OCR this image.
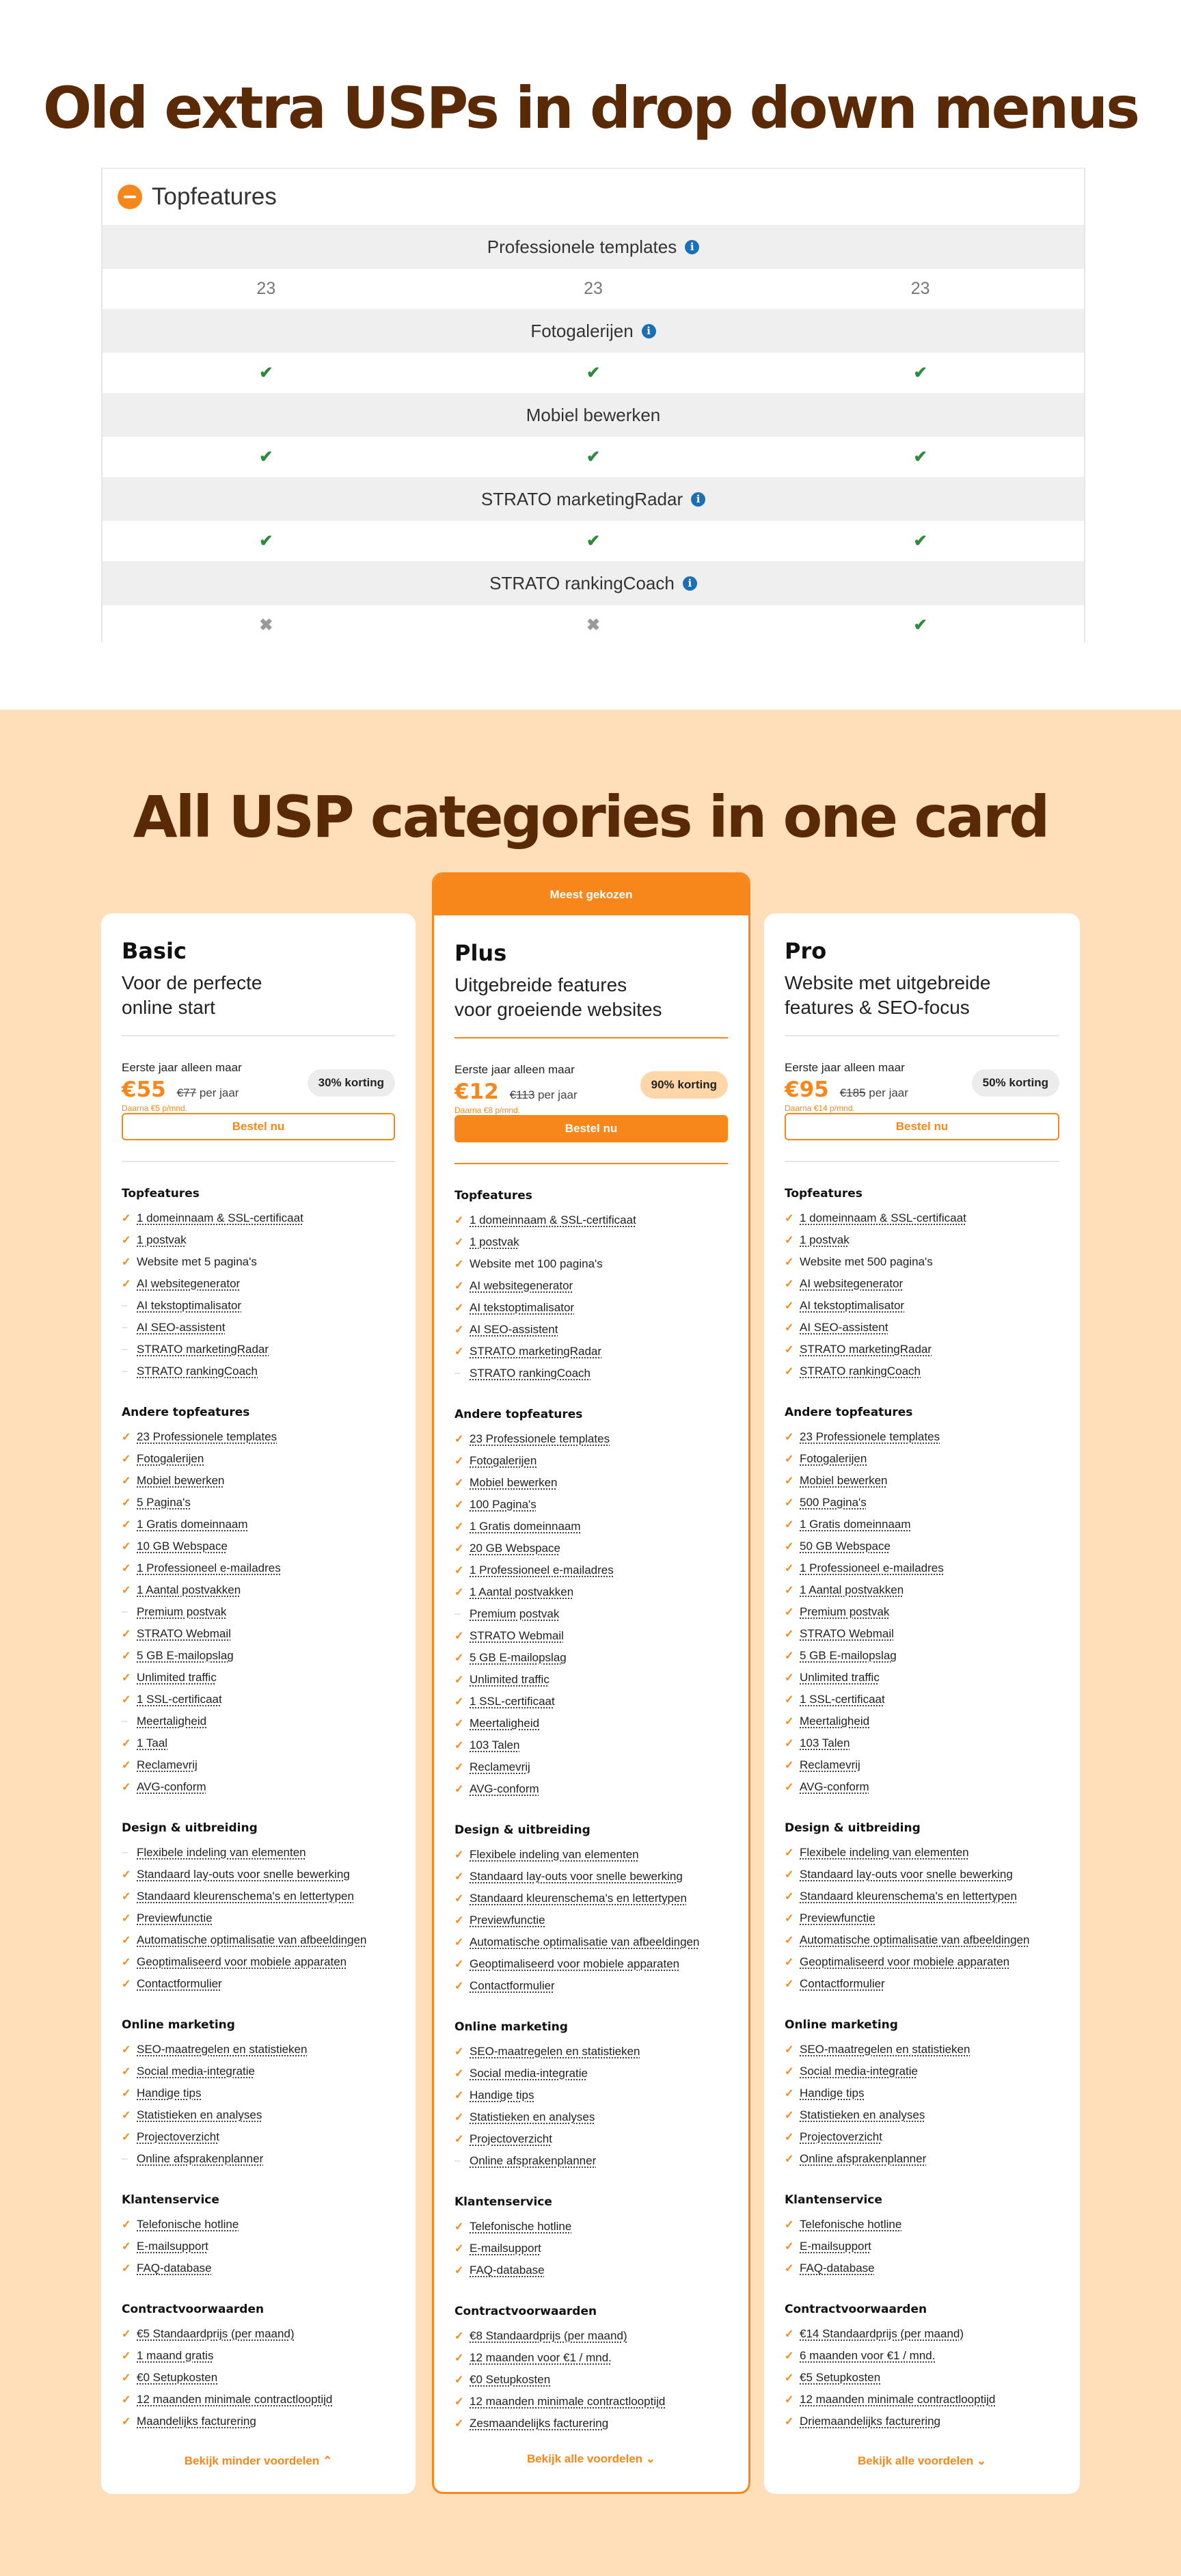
Old extra USPs in drop down menus
Topfeatures
Professionele templates	i
23	23	23
Fotogalerijen	i
✔	✔	✔
Mobiel bewerken
✔	✔	✔
STRATO marketingRadar	i
✔	✔	✔
STRATO rankingCoach	i
✖	✖	✔
All USP categories in one card
Basic
Voor de perfecte
online start
Eerste jaar alleen maar
€55 €77 per jaar
Daarna €5 p/mnd.
30% korting
Bestel nu
Topfeatures
✓ 1 domeinnaam & SSL-certificaat
✓ 1 postvak
✓ Website met 5 pagina's
✓ AI websitegenerator
– AI tekstoptimalisator
– AI SEO-assistent
– STRATO marketingRadar
– STRATO rankingCoach
Andere topfeatures
✓ 23 Professionele templates
✓ Fotogalerijen
✓ Mobiel bewerken
✓ 5 Pagina's
✓ 1 Gratis domeinnaam
✓ 10 GB Webspace
✓ 1 Professioneel e-mailadres
✓ 1 Aantal postvakken
– Premium postvak
✓ STRATO Webmail
✓ 5 GB E-mailopslag
✓ Unlimited traffic
✓ 1 SSL-certificaat
– Meertaligheid
✓ 1 Taal
✓ Reclamevrij
✓ AVG-conform
Design & uitbreiding
– Flexibele indeling van elementen
✓ Standaard lay-outs voor snelle bewerking
✓ Standaard kleurenschema's en lettertypen
✓ Previewfunctie
✓ Automatische optimalisatie van afbeeldingen
✓ Geoptimaliseerd voor mobiele apparaten
✓ Contactformulier
Online marketing
✓ SEO-maatregelen en statistieken
✓ Social media-integratie
✓ Handige tips
✓ Statistieken en analyses
✓ Projectoverzicht
– Online afsprakenplanner
Klantenservice
✓ Telefonische hotline
✓ E-mailsupport
✓ FAQ-database
Contractvoorwaarden
✓ €5 Standaardprijs (per maand)
✓ 1 maand gratis
✓ €0 Setupkosten
✓ 12 maanden minimale contractlooptijd
✓ Maandelijks facturering
Bekijk minder voordelen ⌃
Meest gekozen
Plus
Uitgebreide features
voor groeiende websites
Eerste jaar alleen maar
€12 €113 per jaar
Daarna €8 p/mnd.
90% korting
Bestel nu
Topfeatures
✓ 1 domeinnaam & SSL-certificaat
✓ 1 postvak
✓ Website met 100 pagina's
✓ AI websitegenerator
✓ AI tekstoptimalisator
✓ AI SEO-assistent
✓ STRATO marketingRadar
– STRATO rankingCoach
Andere topfeatures
✓ 23 Professionele templates
✓ Fotogalerijen
✓ Mobiel bewerken
✓ 100 Pagina's
✓ 1 Gratis domeinnaam
✓ 20 GB Webspace
✓ 1 Professioneel e-mailadres
✓ 1 Aantal postvakken
– Premium postvak
✓ STRATO Webmail
✓ 5 GB E-mailopslag
✓ Unlimited traffic
✓ 1 SSL-certificaat
✓ Meertaligheid
✓ 103 Talen
✓ Reclamevrij
✓ AVG-conform
Design & uitbreiding
✓ Flexibele indeling van elementen
✓ Standaard lay-outs voor snelle bewerking
✓ Standaard kleurenschema's en lettertypen
✓ Previewfunctie
✓ Automatische optimalisatie van afbeeldingen
✓ Geoptimaliseerd voor mobiele apparaten
✓ Contactformulier
Online marketing
✓ SEO-maatregelen en statistieken
✓ Social media-integratie
✓ Handige tips
✓ Statistieken en analyses
✓ Projectoverzicht
– Online afsprakenplanner
Klantenservice
✓ Telefonische hotline
✓ E-mailsupport
✓ FAQ-database
Contractvoorwaarden
✓ €8 Standaardprijs (per maand)
✓ 12 maanden voor €1 / mnd.
✓ €0 Setupkosten
✓ 12 maanden minimale contractlooptijd
✓ Zesmaandelijks facturering
Bekijk alle voordelen ⌄
Pro
Website met uitgebreide
features & SEO-focus
Eerste jaar alleen maar
€95 €185 per jaar
Daarna €14 p/mnd.
50% korting
Bestel nu
Topfeatures
✓ 1 domeinnaam & SSL-certificaat
✓ 1 postvak
✓ Website met 500 pagina's
✓ AI websitegenerator
✓ AI tekstoptimalisator
✓ AI SEO-assistent
✓ STRATO marketingRadar
✓ STRATO rankingCoach
Andere topfeatures
✓ 23 Professionele templates
✓ Fotogalerijen
✓ Mobiel bewerken
✓ 500 Pagina's
✓ 1 Gratis domeinnaam
✓ 50 GB Webspace
✓ 1 Professioneel e-mailadres
✓ 1 Aantal postvakken
✓ Premium postvak
✓ STRATO Webmail
✓ 5 GB E-mailopslag
✓ Unlimited traffic
✓ 1 SSL-certificaat
✓ Meertaligheid
✓ 103 Talen
✓ Reclamevrij
✓ AVG-conform
Design & uitbreiding
✓ Flexibele indeling van elementen
✓ Standaard lay-outs voor snelle bewerking
✓ Standaard kleurenschema's en lettertypen
✓ Previewfunctie
✓ Automatische optimalisatie van afbeeldingen
✓ Geoptimaliseerd voor mobiele apparaten
✓ Contactformulier
Online marketing
✓ SEO-maatregelen en statistieken
✓ Social media-integratie
✓ Handige tips
✓ Statistieken en analyses
✓ Projectoverzicht
✓ Online afsprakenplanner
Klantenservice
✓ Telefonische hotline
✓ E-mailsupport
✓ FAQ-database
Contractvoorwaarden
✓ €14 Standaardprijs (per maand)
✓ 6 maanden voor €1 / mnd.
✓ €5 Setupkosten
✓ 12 maanden minimale contractlooptijd
✓ Driemaandelijks facturering
Bekijk alle voordelen ⌄
